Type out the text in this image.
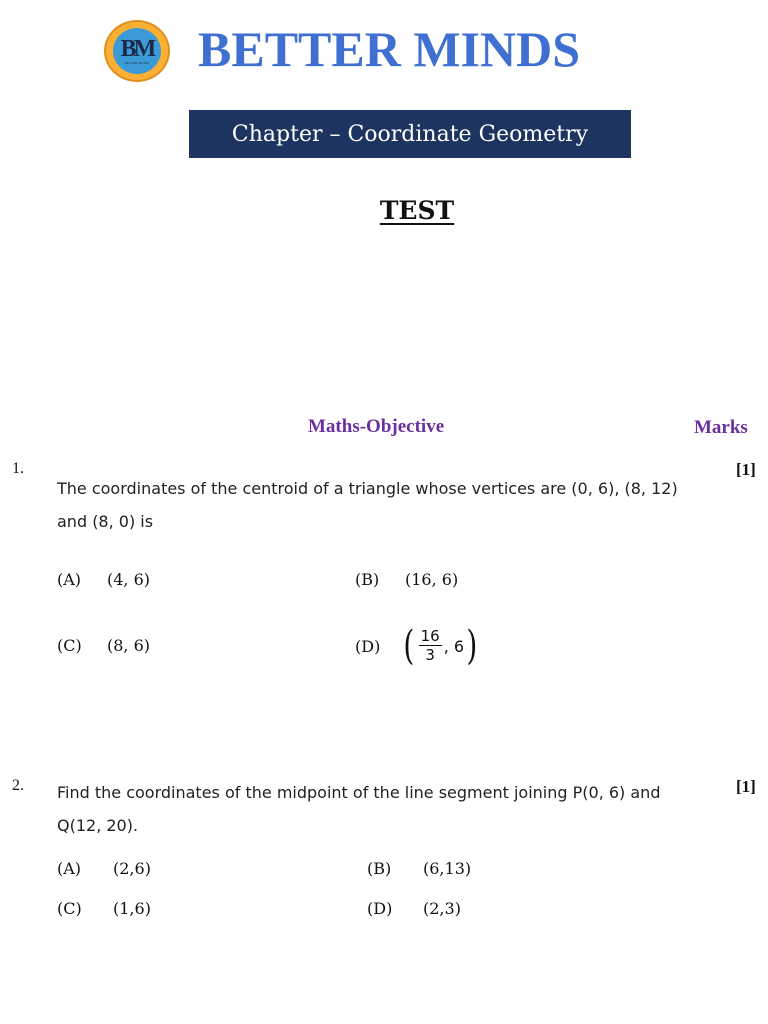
BM
BETTER MINDS BETTER MINDS
Chapter – Coordinate Geometry
TEST
Maths-Objective	Marks
1.	[1]
The coordinates of the centroid of a triangle whose vertices are (0, 6), (8, 12)
and (8, 0) is
(A)	(4, 6)	(B)	(16, 6)
(C)	(8, 6)	(D) ( $\frac{16}{3}$ , 6 )
2.	[1]
Find the coordinates of the midpoint of the line segment joining P(0, 6) and
Q(12, 20).
(A)	(2,6)	(B)	(6,13)
(C)	(1,6)	(D)	(2,3)
